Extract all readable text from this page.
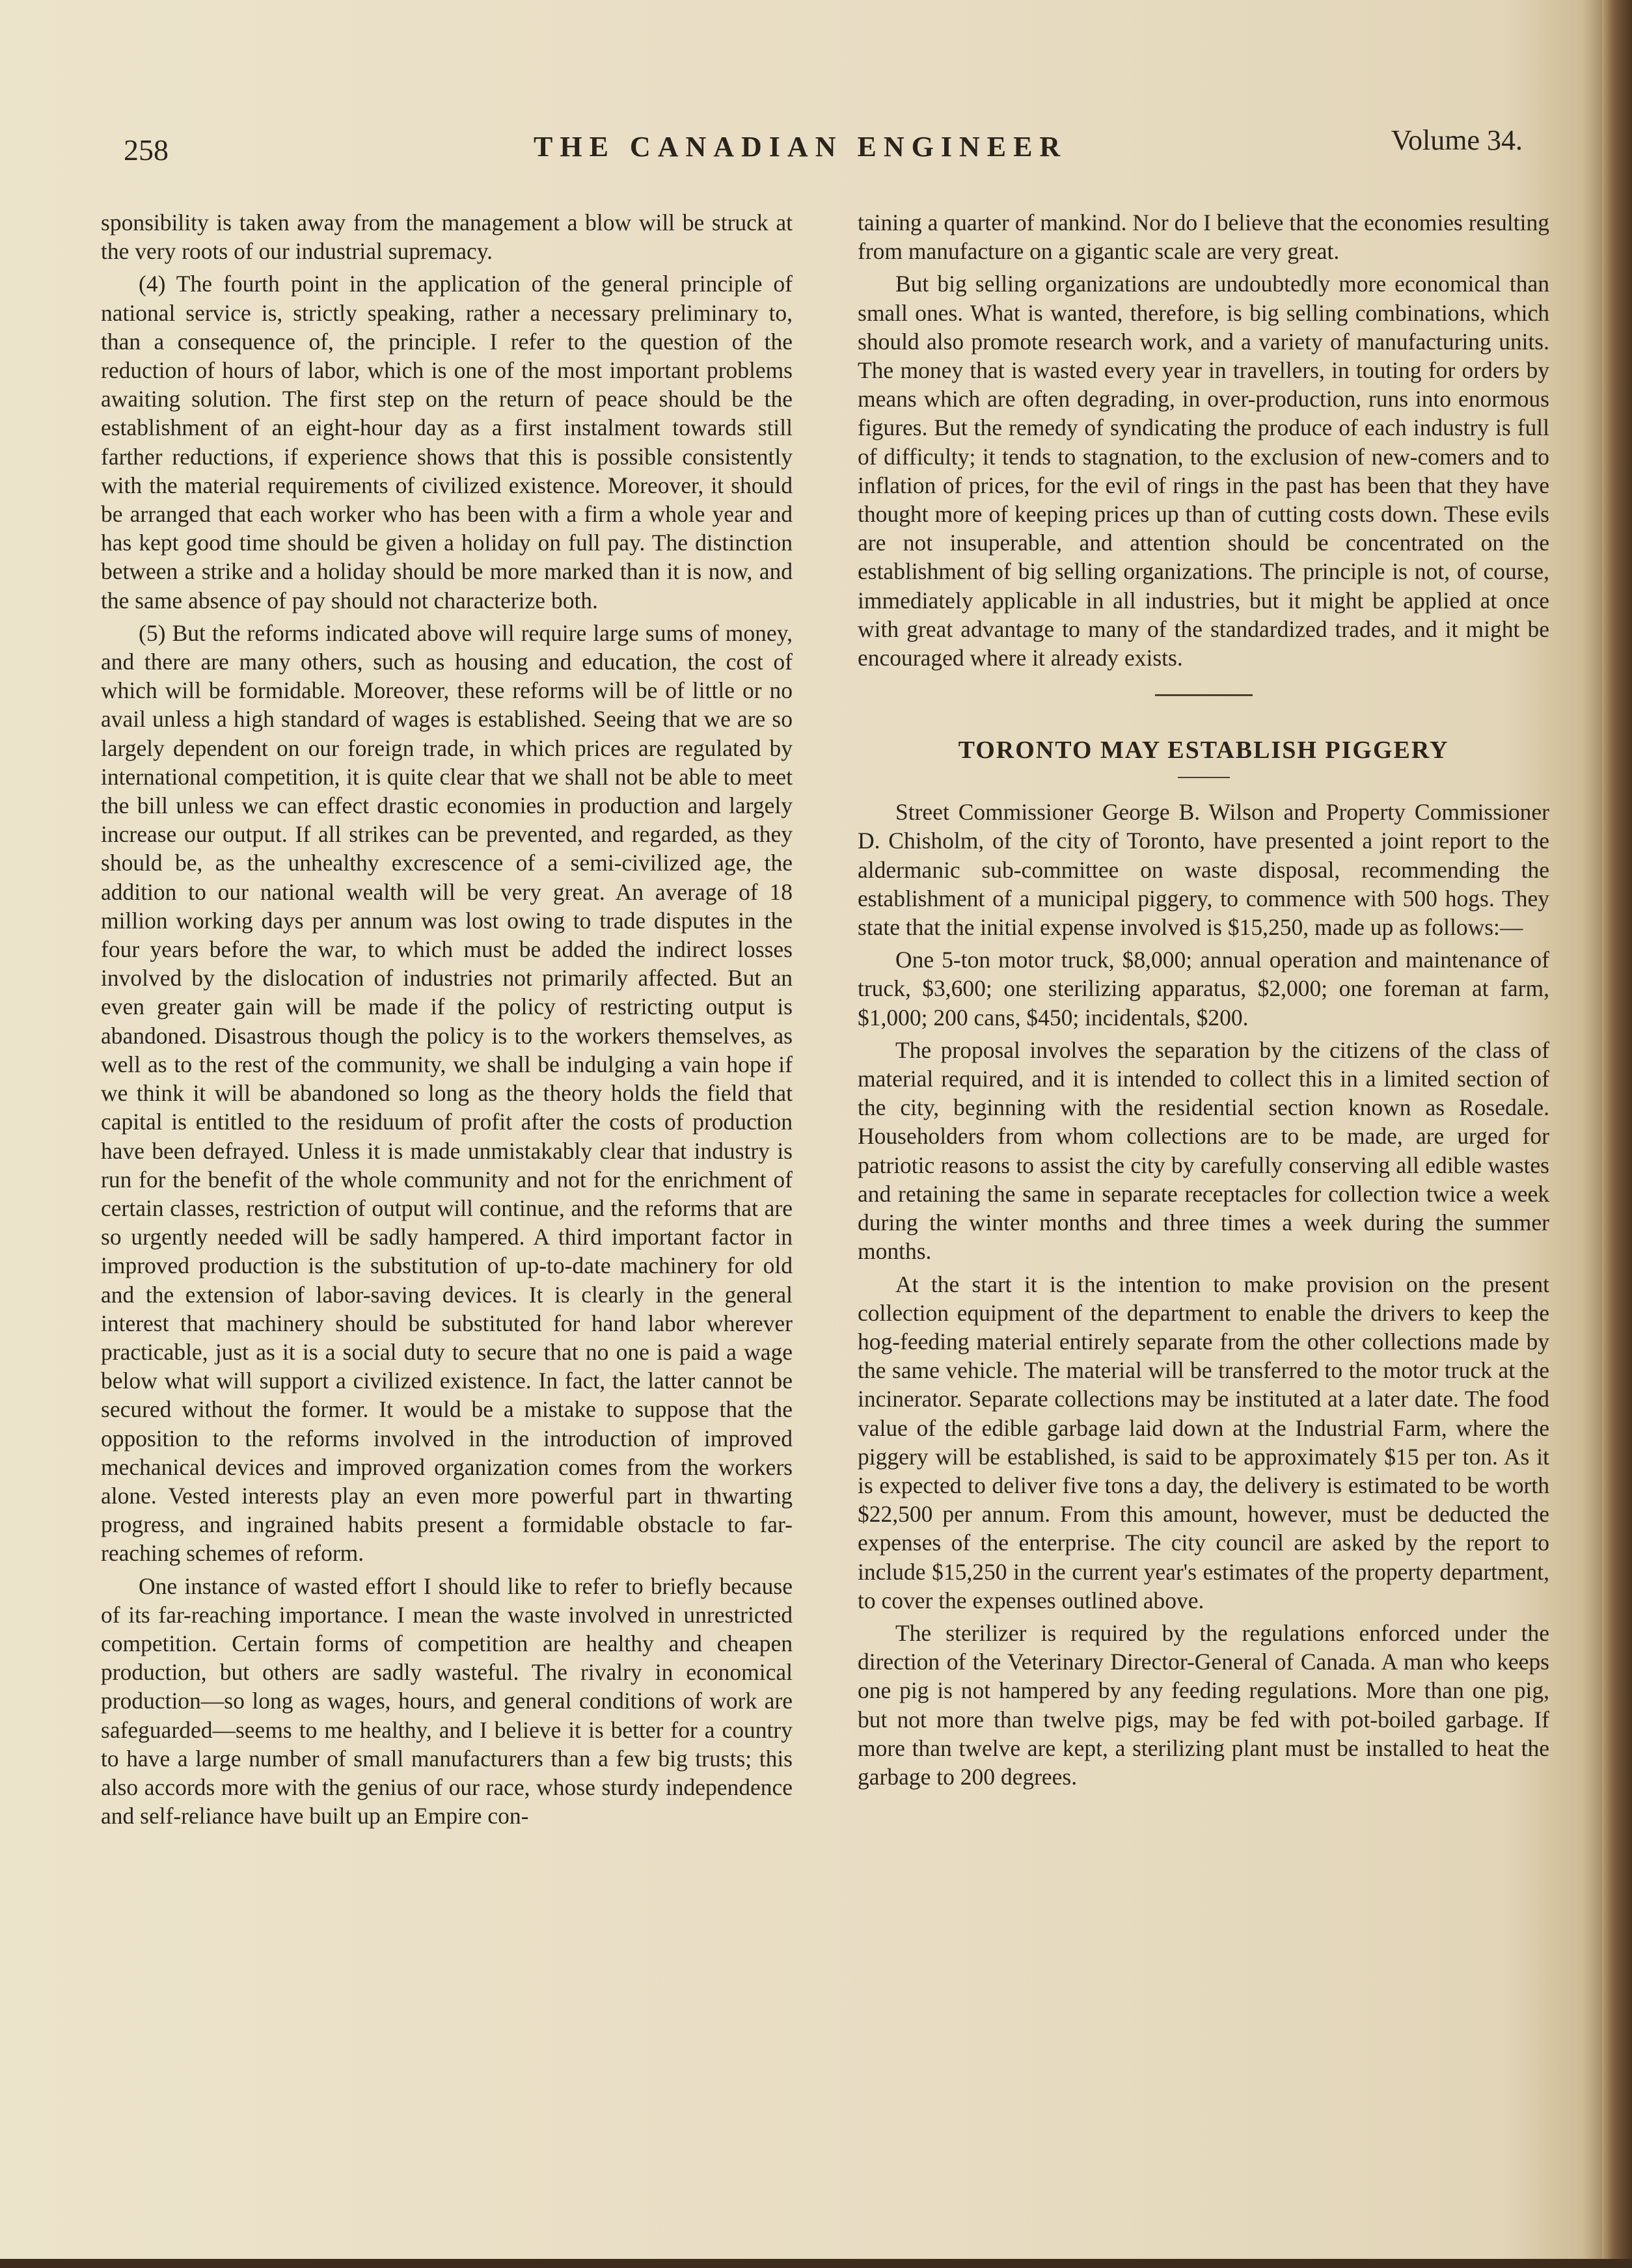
258	THE CANADIAN ENGINEER	Volume 34.

sponsibility is taken away from the management a blow will be struck at the very roots of our industrial supremacy.

(4) The fourth point in the application of the general principle of national service is, strictly speaking, rather a necessary preliminary to, than a consequence of, the principle. I refer to the question of the reduction of hours of labor, which is one of the most important problems awaiting solution. The first step on the return of peace should be the establishment of an eight-hour day as a first instalment towards still farther reductions, if experience shows that this is possible consistently with the material requirements of civilized existence. Moreover, it should be arranged that each worker who has been with a firm a whole year and has kept good time should be given a holiday on full pay. The distinction between a strike and a holiday should be more marked than it is now, and the same absence of pay should not characterize both.

(5) But the reforms indicated above will require large sums of money, and there are many others, such as housing and education, the cost of which will be formidable. Moreover, these reforms will be of little or no avail unless a high standard of wages is established. Seeing that we are so largely dependent on our foreign trade, in which prices are regulated by international competition, it is quite clear that we shall not be able to meet the bill unless we can effect drastic economies in production and largely increase our output. If all strikes can be prevented, and regarded, as they should be, as the unhealthy excrescence of a semi-civilized age, the addition to our national wealth will be very great. An average of 18 million working days per annum was lost owing to trade disputes in the four years before the war, to which must be added the indirect losses involved by the dislocation of industries not primarily affected. But an even greater gain will be made if the policy of restricting output is abandoned. Disastrous though the policy is to the workers themselves, as well as to the rest of the community, we shall be indulging a vain hope if we think it will be abandoned so long as the theory holds the field that capital is entitled to the residuum of profit after the costs of production have been defrayed. Unless it is made unmistakably clear that industry is run for the benefit of the whole community and not for the enrichment of certain classes, restriction of output will continue, and the reforms that are so urgently needed will be sadly hampered. A third important factor in improved production is the substitution of up-to-date machinery for old and the extension of labor-saving devices. It is clearly in the general interest that machinery should be substituted for hand labor wherever practicable, just as it is a social duty to secure that no one is paid a wage below what will support a civilized existence. In fact, the latter cannot be secured without the former. It would be a mistake to suppose that the opposition to the reforms involved in the introduction of improved mechanical devices and improved organization comes from the workers alone. Vested interests play an even more powerful part in thwarting progress, and ingrained habits present a formidable obstacle to far-reaching schemes of reform.

One instance of wasted effort I should like to refer to briefly because of its far-reaching importance. I mean the waste involved in unrestricted competition. Certain forms of competition are healthy and cheapen production, but others are sadly wasteful. The rivalry in economical production—so long as wages, hours, and general conditions of work are safeguarded—seems to me healthy, and I believe it is better for a country to have a large number of small manufacturers than a few big trusts; this also accords more with the genius of our race, whose sturdy independence and self-reliance have built up an Empire con-

taining a quarter of mankind. Nor do I believe that the economies resulting from manufacture on a gigantic scale are very great.

But big selling organizations are undoubtedly more economical than small ones. What is wanted, therefore, is big selling combinations, which should also promote research work, and a variety of manufacturing units. The money that is wasted every year in travellers, in touting for orders by means which are often degrading, in over-production, runs into enormous figures. But the remedy of syndicating the produce of each industry is full of difficulty; it tends to stagnation, to the exclusion of new-comers and to inflation of prices, for the evil of rings in the past has been that they have thought more of keeping prices up than of cutting costs down. These evils are not insuperable, and attention should be concentrated on the establishment of big selling organizations. The principle is not, of course, immediately applicable in all industries, but it might be applied at once with great advantage to many of the standardized trades, and it might be encouraged where it already exists.

TORONTO MAY ESTABLISH PIGGERY

Street Commissioner George B. Wilson and Property Commissioner D. Chisholm, of the city of Toronto, have presented a joint report to the aldermanic sub-committee on waste disposal, recommending the establishment of a municipal piggery, to commence with 500 hogs. They state that the initial expense involved is $15,250, made up as follows:—

One 5-ton motor truck, $8,000; annual operation and maintenance of truck, $3,600; one sterilizing apparatus, $2,000; one foreman at farm, $1,000; 200 cans, $450; incidentals, $200.

The proposal involves the separation by the citizens of the class of material required, and it is intended to collect this in a limited section of the city, beginning with the residential section known as Rosedale. Householders from whom collections are to be made, are urged for patriotic reasons to assist the city by carefully conserving all edible wastes and retaining the same in separate receptacles for collection twice a week during the winter months and three times a week during the summer months.

At the start it is the intention to make provision on the present collection equipment of the department to enable the drivers to keep the hog-feeding material entirely separate from the other collections made by the same vehicle. The material will be transferred to the motor truck at the incinerator. Separate collections may be instituted at a later date. The food value of the edible garbage laid down at the Industrial Farm, where the piggery will be established, is said to be approximately $15 per ton. As it is expected to deliver five tons a day, the delivery is estimated to be worth $22,500 per annum. From this amount, however, must be deducted the expenses of the enterprise. The city council are asked by the report to include $15,250 in the current year's estimates of the property department, to cover the expenses outlined above.

The sterilizer is required by the regulations enforced under the direction of the Veterinary Director-General of Canada. A man who keeps one pig is not hampered by any feeding regulations. More than one pig, but not more than twelve pigs, may be fed with pot-boiled garbage. If more than twelve are kept, a sterilizing plant must be installed to heat the garbage to 200 degrees.
